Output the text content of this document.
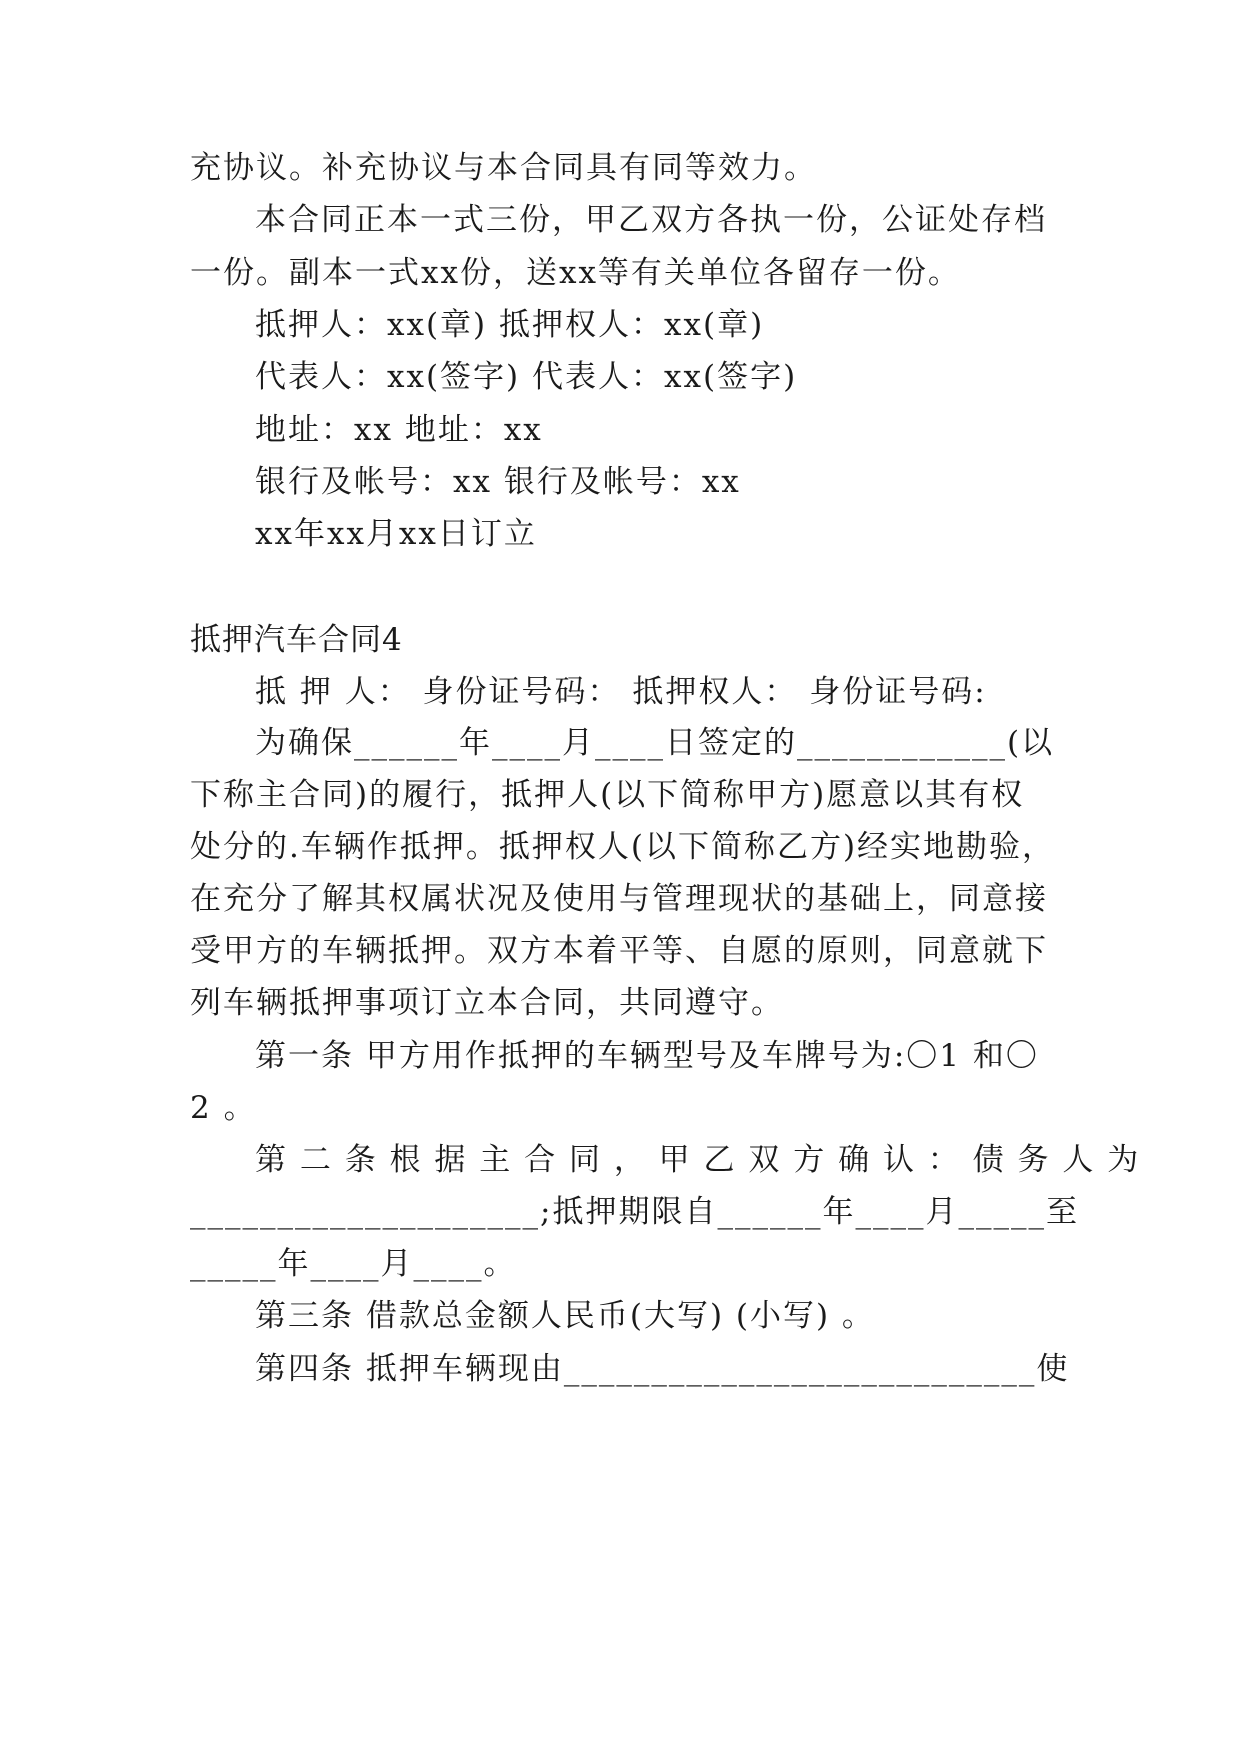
充协议。补充协议与本合同具有同等效力。
本合同正本一式三份，甲乙双方各执一份，公证处存档
一份。副本一式xx份，送xx等有关单位各留存一份。
抵押人：xx(章) 抵押权人：xx(章)
代表人：xx(签字) 代表人：xx(签字)
地址：xx 地址：xx
银行及帐号：xx 银行及帐号：xx
xx年xx月xx日订立
抵押汽车合同4
抵 押 人： 身份证号码： 抵押权人： 身份证号码:
为确保______年____月____日签定的____________(以
下称主合同)的履行，抵押人(以下简称甲方)愿意以其有权
处分的.车辆作抵押。抵押权人(以下简称乙方)经实地勘验，
在充分了解其权属状况及使用与管理现状的基础上，同意接
受甲方的车辆抵押。双方本着平等、自愿的原则，同意就下
列车辆抵押事项订立本合同，共同遵守。
第一条 甲方用作抵押的车辆型号及车牌号为:〇1 和〇
2 。
第 二 条 根 据 主 合 同 ， 甲 乙 双 方 确 认 ： 债 务 人 为
____________________;抵押期限自______年____月_____至
_____年____月____。
第三条 借款总金额人民币(大写) (小写) 。
第四条 抵押车辆现由___________________________使
